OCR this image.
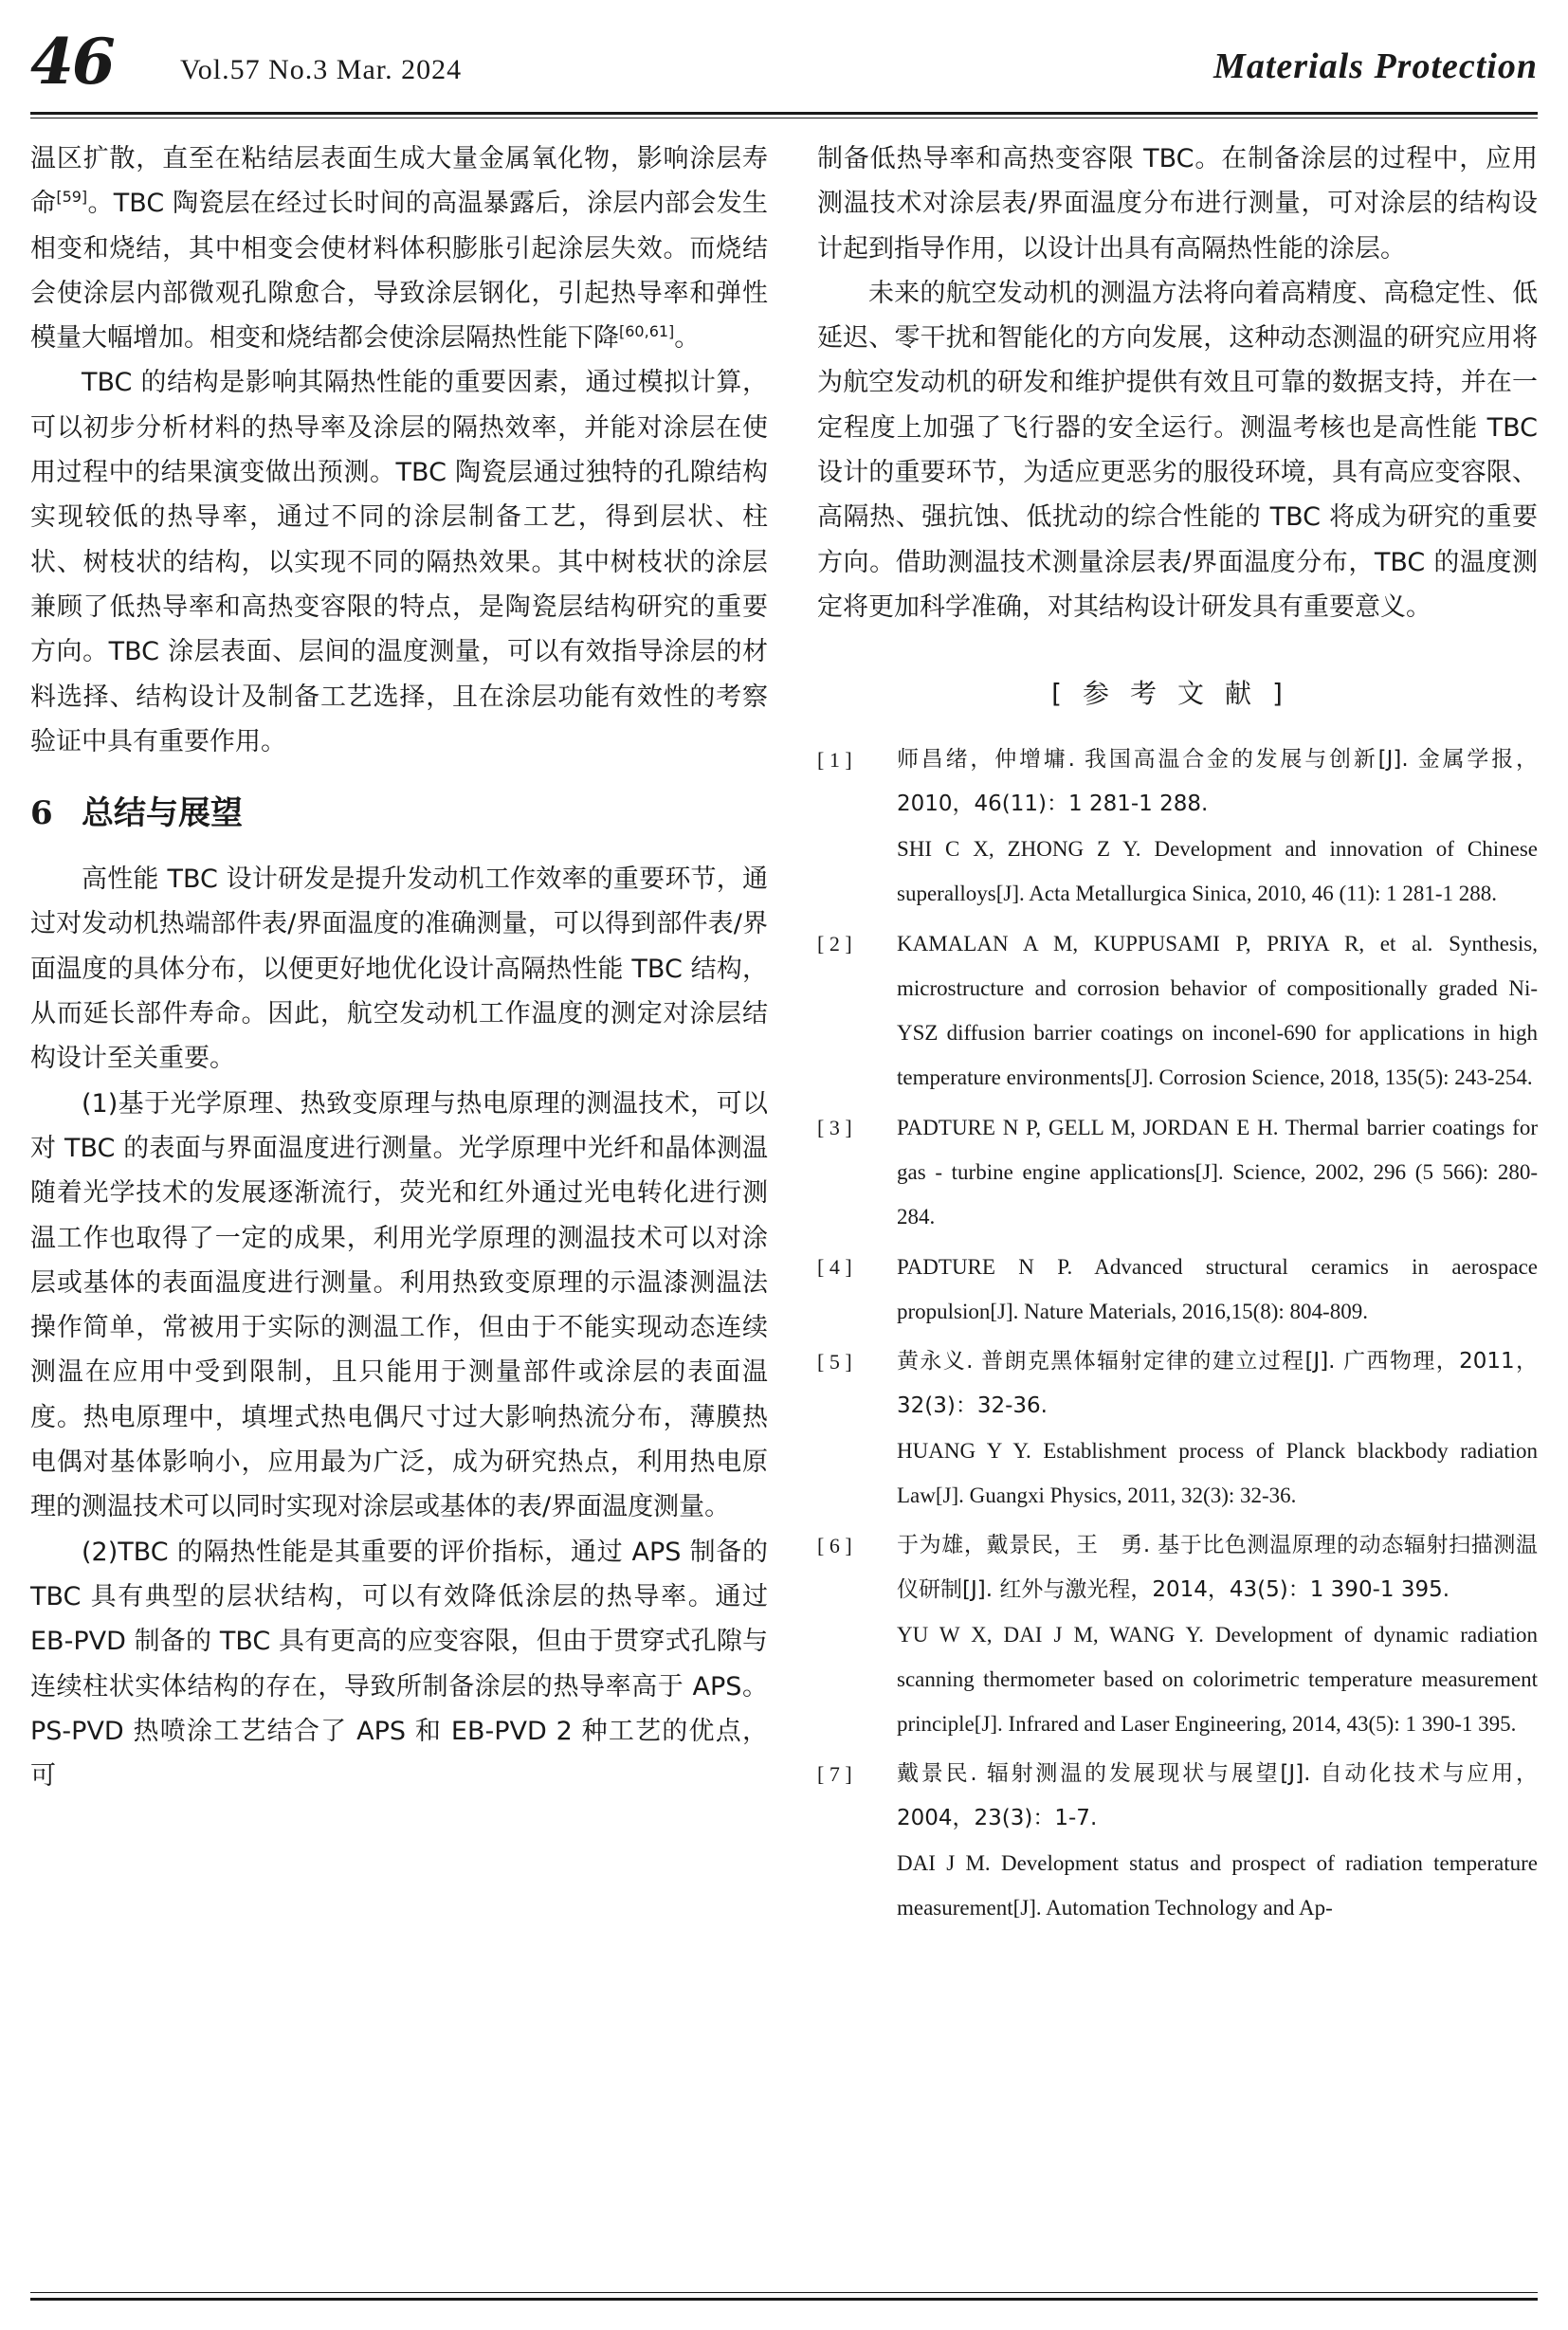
46 Vol.57 No.3 Mar. 2024	Materials Protection

温区扩散，直至在粘结层表面生成大量金属氧化物，影响涂层寿命[59]。TBC 陶瓷层在经过长时间的高温暴露后，涂层内部会发生相变和烧结，其中相变会使材料体积膨胀引起涂层失效。而烧结会使涂层内部微观孔隙愈合，导致涂层钢化，引起热导率和弹性模量大幅增加。相变和烧结都会使涂层隔热性能下降[60,61]。

TBC 的结构是影响其隔热性能的重要因素，通过模拟计算，可以初步分析材料的热导率及涂层的隔热效率，并能对涂层在使用过程中的结果演变做出预测。TBC 陶瓷层通过独特的孔隙结构实现较低的热导率，通过不同的涂层制备工艺，得到层状、柱状、树枝状的结构，以实现不同的隔热效果。其中树枝状的涂层兼顾了低热导率和高热变容限的特点，是陶瓷层结构研究的重要方向。TBC 涂层表面、层间的温度测量，可以有效指导涂层的材料选择、结构设计及制备工艺选择，且在涂层功能有效性的考察验证中具有重要作用。

6 总结与展望

高性能 TBC 设计研发是提升发动机工作效率的重要环节，通过对发动机热端部件表/界面温度的准确测量，可以得到部件表/界面温度的具体分布，以便更好地优化设计高隔热性能 TBC 结构，从而延长部件寿命。因此，航空发动机工作温度的测定对涂层结构设计至关重要。

(1)基于光学原理、热致变原理与热电原理的测温技术，可以对 TBC 的表面与界面温度进行测量。光学原理中光纤和晶体测温随着光学技术的发展逐渐流行，荧光和红外通过光电转化进行测温工作也取得了一定的成果，利用光学原理的测温技术可以对涂层或基体的表面温度进行测量。利用热致变原理的示温漆测温法操作简单，常被用于实际的测温工作，但由于不能实现动态连续测温在应用中受到限制，且只能用于测量部件或涂层的表面温度。热电原理中，填埋式热电偶尺寸过大影响热流分布，薄膜热电偶对基体影响小，应用最为广泛，成为研究热点，利用热电原理的测温技术可以同时实现对涂层或基体的表/界面温度测量。

(2)TBC 的隔热性能是其重要的评价指标，通过 APS 制备的 TBC 具有典型的层状结构，可以有效降低涂层的热导率。通过 EB-PVD 制备的 TBC 具有更高的应变容限，但由于贯穿式孔隙与连续柱状实体结构的存在，导致所制备涂层的热导率高于 APS。PS-PVD 热喷涂工艺结合了 APS 和 EB-PVD 2 种工艺的优点，可

制备低热导率和高热变容限 TBC。在制备涂层的过程中，应用测温技术对涂层表/界面温度分布进行测量，可对涂层的结构设计起到指导作用，以设计出具有高隔热性能的涂层。

未来的航空发动机的测温方法将向着高精度、高稳定性、低延迟、零干扰和智能化的方向发展，这种动态测温的研究应用将为航空发动机的研发和维护提供有效且可靠的数据支持，并在一定程度上加强了飞行器的安全运行。测温考核也是高性能 TBC 设计的重要环节，为适应更恶劣的服役环境，具有高应变容限、高隔热、强抗蚀、低扰动的综合性能的 TBC 将成为研究的重要方向。借助测温技术测量涂层表/界面温度分布，TBC 的温度测定将更加科学准确，对其结构设计研发具有重要意义。

[参考文献]
[ 1 ]	师昌绪，仲增墉. 我国高温合金的发展与创新[J]. 金属学报，2010，46(11)：1 281-1 288.

SHI C X, ZHONG Z Y. Development and innovation of Chinese superalloys[J]. Acta Metallurgica Sinica, 2010, 46 (11): 1 281-1 288.

[ 2 ]	KAMALAN A M, KUPPUSAMI P, PRIYA R, et al. Synthesis, microstructure and corrosion behavior of compositionally graded Ni-YSZ diffusion barrier coatings on inconel-690 for applications in high temperature environments[J]. Corrosion Science, 2018, 135(5): 243-254.

[ 3 ]	PADTURE N P, GELL M, JORDAN E H. Thermal barrier coatings for gas - turbine engine applications[J]. Science, 2002, 296 (5 566): 280-284.

[ 4 ]	PADTURE N P. Advanced structural ceramics in aerospace propulsion[J]. Nature Materials, 2016,15(8): 804-809.

[ 5 ]	黄永义. 普朗克黑体辐射定律的建立过程[J]. 广西物理，2011，32(3)：32-36.

HUANG Y Y. Establishment process of Planck blackbody radiation Law[J]. Guangxi Physics, 2011, 32(3): 32-36.

[ 6 ]	于为雄，戴景民，王　勇. 基于比色测温原理的动态辐射扫描测温仪研制[J]. 红外与激光程，2014，43(5)：1 390-1 395.

YU W X, DAI J M, WANG Y. Development of dynamic radiation scanning thermometer based on colorimetric temperature measurement principle[J]. Infrared and Laser Engineering, 2014, 43(5): 1 390-1 395.

[ 7 ]	戴景民. 辐射测温的发展现状与展望[J]. 自动化技术与应用，2004，23(3)：1-7.

DAI J M. Development status and prospect of radiation temperature measurement[J]. Automation Technology and Ap-
